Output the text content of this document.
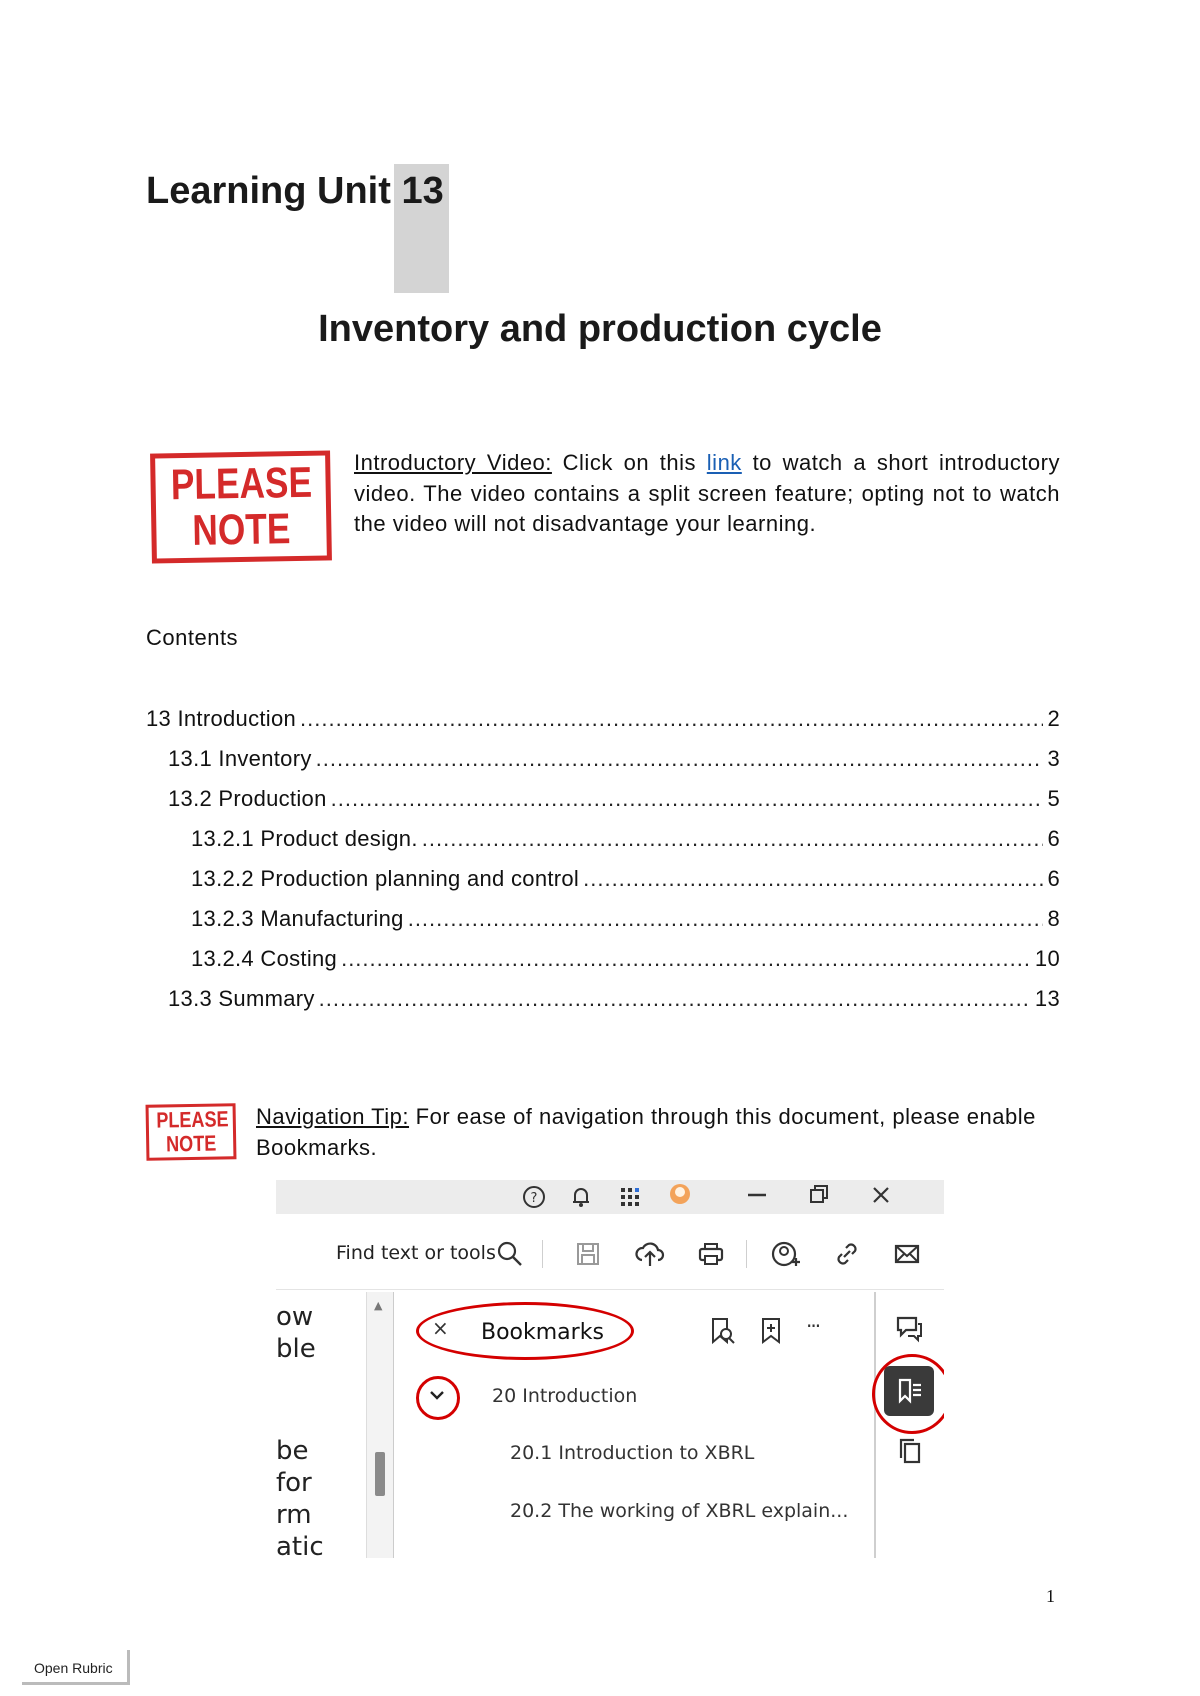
Learning Unit
13
Inventory and production cycle
PLEASE
NOTE
Introductory Video: Click on this link to watch a short introductory video. The video contains a split screen feature; opting not to watch the video will not disadvantage your learning.
Contents
13 Introduction .....	2
13.1 Inventory .....	3
13.2 Production .....	5
13.2.1 Product design. .....	6
13.2.2 Production planning and control .....	6
13.2.3 Manufacturing .....	8
13.2.4 Costing .....	10
13.3 Summary .....	13
PLEASE
NOTE
Navigation Tip: For ease of navigation through this document, please enable Bookmarks.
?
Find text or tools
ow
ble
be
for
rm
atic
▲
× Bookmarks	···
20 Introduction
20.1 Introduction to XBRL
20.2 The working of XBRL explain...
1
Open Rubric
